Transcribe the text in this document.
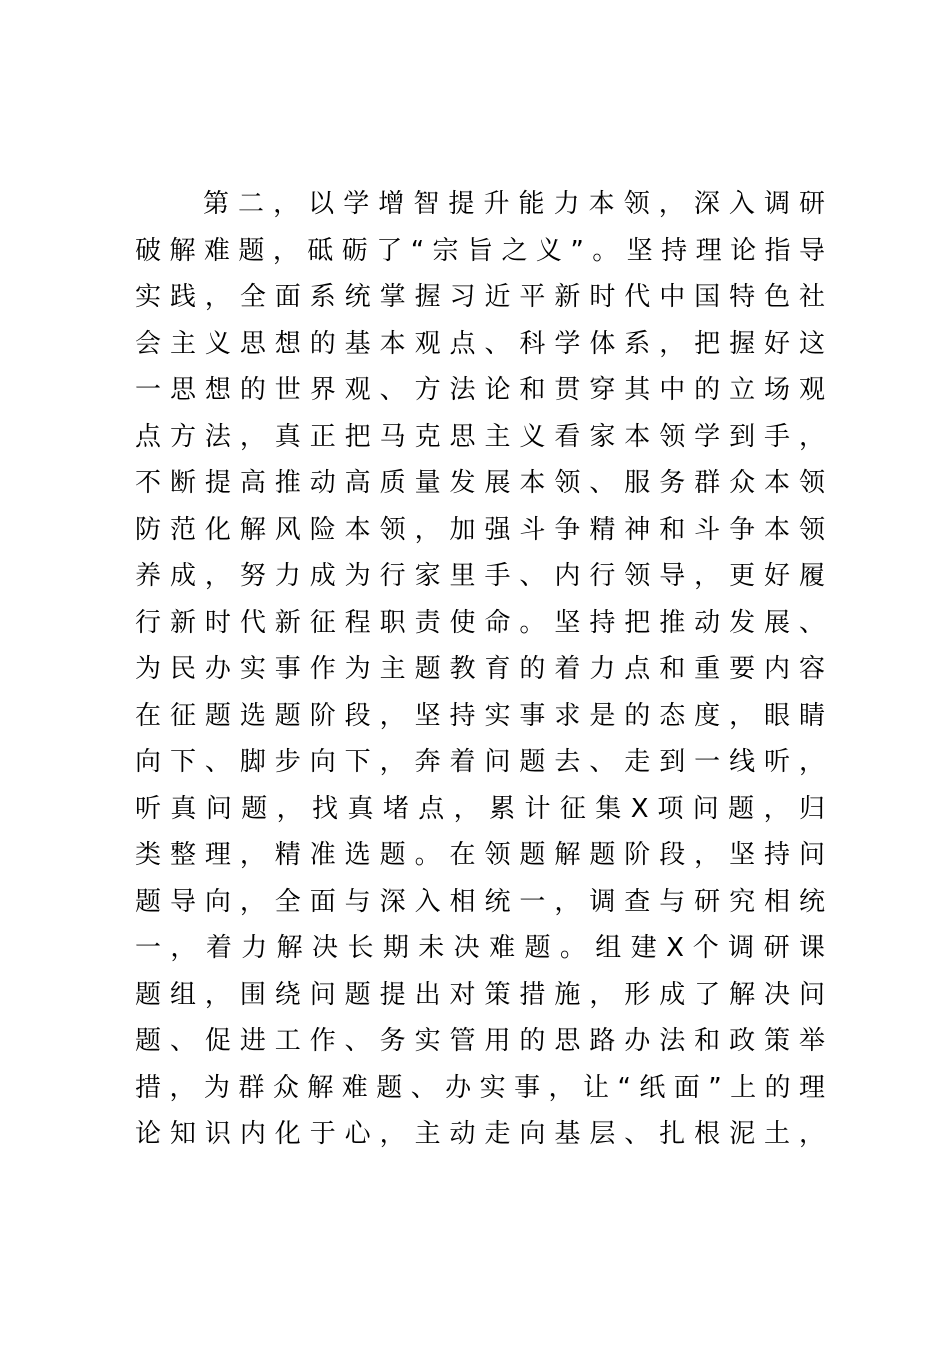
第 二 ， 以 学 增 智 提 升 能 力 本 领 ， 深 入 调 研
破 解 难 题 ， 砥 砺 了 “ 宗 旨 之 义 ” 。 坚 持 理 论 指 导
实 践 ， 全 面 系 统 掌 握 习 近 平 新 时 代 中 国 特 色 社
会 主 义 思 想 的 基 本 观 点 、 科 学 体 系 ， 把 握 好 这
一 思 想 的 世 界 观 、 方 法 论 和 贯 穿 其 中 的 立 场 观
点 方 法 ， 真 正 把 马 克 思 主 义 看 家 本 领 学 到 手 ，
不 断 提 高 推 动 高 质 量 发 展 本 领 、 服 务 群 众 本 领
防 范 化 解 风 险 本 领 ， 加 强 斗 争 精 神 和 斗 争 本 领
养 成 ， 努 力 成 为 行 家 里 手 、 内 行 领 导 ， 更 好 履
行 新 时 代 新 征 程 职 责 使 命 。 坚 持 把 推 动 发 展 、
为 民 办 实 事 作 为 主 题 教 育 的 着 力 点 和 重 要 内 容
在 征 题 选 题 阶 段 ， 坚 持 实 事 求 是 的 态 度 ， 眼 睛
向 下 、 脚 步 向 下 ， 奔 着 问 题 去 、 走 到 一 线 听 ，
听 真 问 题 ， 找 真 堵 点 ， 累 计 征 集 X 项 问 题 ， 归
类 整 理 ， 精 准 选 题 。 在 领 题 解 题 阶 段 ， 坚 持 问
题 导 向 ， 全 面 与 深 入 相 统 一 ， 调 查 与 研 究 相 统
一 ， 着 力 解 决 长 期 未 决 难 题 。 组 建 X 个 调 研 课
题 组 ， 围 绕 问 题 提 出 对 策 措 施 ， 形 成 了 解 决 问
题 、 促 进 工 作 、 务 实 管 用 的 思 路 办 法 和 政 策 举
措 ， 为 群 众 解 难 题 、 办 实 事 ， 让 “ 纸 面 ” 上 的 理
论 知 识 内 化 于 心 ， 主 动 走 向 基 层 、 扎 根 泥 土 ，
